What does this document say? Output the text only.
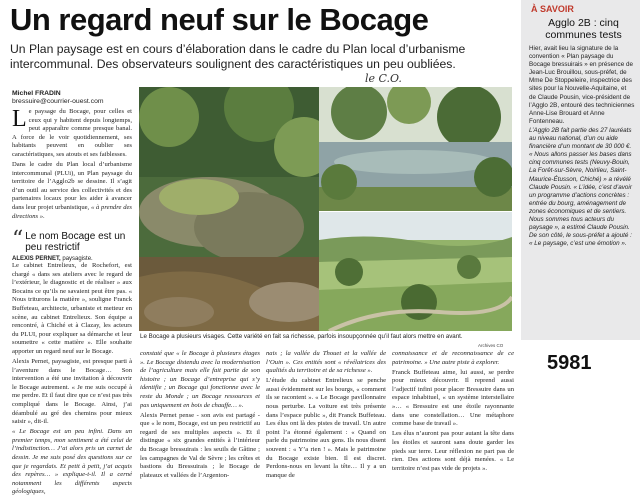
Un regard neuf sur le Bocage
Un Plan paysage est en cours d’élaboration dans le cadre du Plan local d’urbanisme intercommunal. Des observateurs soulignent des caractéristiques un peu oubliées.
le C.O.
Michel FRADIN
bressuire@courrier-ouest.com

Le paysage du Bocage, pour celles et ceux qui y habitent depuis longtemps, peut apparaître comme presque banal. A force de le voir quotidiennement, ses habitants peuvent en oublier ses caractéristiques, ses atouts et ses faiblesses.

Dans le cadre du Plan local d’urbanisme intercommunal (PLUi), un Plan paysage du territoire de l’Agglo2b se dessine. Il s’agit d’un outil au service des collectivités et des partenaires locaux pour les aider à avancer dans leur projet urbanistique, « à prendre des directions ».

“ Le nom Bocage est un peu restrictif
ALEXIS PERNET, paysagiste.

Le cabinet Entrelieux, de Rochefort, est chargé « dans ses ateliers avec le regard de l’extérieur, le diagnostic et de réaliser » aux Bocains ce qu’ils ne savaient peut être pas. « Nous triturons la matière », souligne Franck Buffeteau, architecte, urbaniste et metteur en scène, au cabinet Entrelieux. Son équipe a rencontré, à Chiché et à Clazay, les acteurs du PLUI, pour expliquer sa démarche et leur soumettre « cette matière ». Elle souhaite apporter un regard neuf sur le Bocage.

Alexis Pernet, paysagiste, est presque parti à l’aventure dans le Bocage… Son intervention a été une invitation à découvrir le Bocage autrement. « Je me suis occupé à me perdre. Et il faut dire que ce n’est pas très compliqué dans le Bocage. Ainsi, j’ai déambulé au gré des chemins pour mieux saisir », dit-il.

« Le Bocage est un peu infini. Dans un premier temps, mon sentiment a été celui de l’indistinction… J’ai alors pris un carnet de dessin. Je me suis posé des questions sur ce que je regardais. Et petit à petit, j’ai acquis des repères… » explique-t-il. Il a cerné notamment les différents aspects géologiques,

Le Bocage a plusieurs visages. Cette variété en fait sa richesse, parfois insoupçonnée qu’il faut alors mettre en avant.
Archives CO

constaté que « le Bocage à plusieurs étages ». Le Bocage distendu avec la modernisation de l’agriculture mais elle fait partie de son histoire ; un Bocage d’entreprise qui s’y identifie ; un Bocage qui fonctionne avec le reste du Monde ; un Bocage ressources et pas uniquement en bois de chauffe… ».

Alexis Pernet pense - son avis est partagé - que « le nom, Bocage, est un peu restrictif au regard de ses multiples aspects ». Et il distingue « six grandes entités à l’intérieur du Bocage bressuirais : les seuils de Gâtine ; les campagnes de Val de Sèvre ; les crêtes et bastions du Bressuirais ; le Bocage de plateaux et vallées de l’Argenton-

nais ; la vallée du Thouet et la vallée de l’Ouin ». Ces entités sont « révélatrices des qualités du territoire et de sa richesse ».

L’étude du cabinet Entrelieux se penche aussi évidemment sur les bourgs, « comment ils se racontent ». « Le Bocage pavillonnaire nous perturbe. La voiture est très présente dans l’espace public », dit Franck Buffeteau. Les élus ont là des pistes de travail. Un autre point l’a étonné également : « Quand on parle du patrimoine aux gens. Ils nous disent souvent : « Y’a rien ! ». Mais le patrimoine du Bocage existe bien. Il est discret. Perdons-nous en levant la tête… Il y a un manque de

connaissance et de reconnaissance de ce patrimoine. » Une autre piste à explorer.

Franck Buffeteau aime, lui aussi, se perdre pour mieux découvrir. Il reprend aussi l’adjectif infini pour placer Bressuire dans un espace inhabituel, « un système interstellaire »… « Bressuire est une étoile rayonnante dans une constellation… Une métaphore comme base de travail ».

Les élus n’auront pas pour autant la tête dans les étoiles et sauront sans doute garder les pieds sur terre. Leur réflexion ne part pas de rien. Des actions sont déjà menées. « Le territoire n’est pas vide de projets ».

À SAVOIR
Agglo 2B : cinq communes tests

Hier, avait lieu la signature de la convention « Plan paysage du Bocage bressuirais » en présence de Jean-Luc Brouillou, sous-préfet, de Mme De Stoppeleire, inspectrice des sites pour la Nouvelle-Aquitaine, et de Claude Pousin, vice-président de l’Agglo 2B, entouré des techniciennes Anne-Lise Brouard et Anne Fontenneau.

L’Agglo 2B fait partie des 27 lauréats au niveau national, d’un ou aide financière d’un montant de 30 000 €. « Nous allons passer les bases dans cinq communes tests (Neuvy-Bouin, La Forêt-sur-Sèvre, Noirlieu, Saint-Maurice-Étusson, Chiché) » a révélé Claude Pousin. « L’idée, c’est d’avoir un programme d’actions concrètes : entrée du bourg, aménagement de zones économiques et de sentiers. Nous sommes tous acteurs du paysage », a estimé Claude Pousin. De son côté, le sous-préfet a ajouté : « Le paysage, c’est une émotion ».

5981
